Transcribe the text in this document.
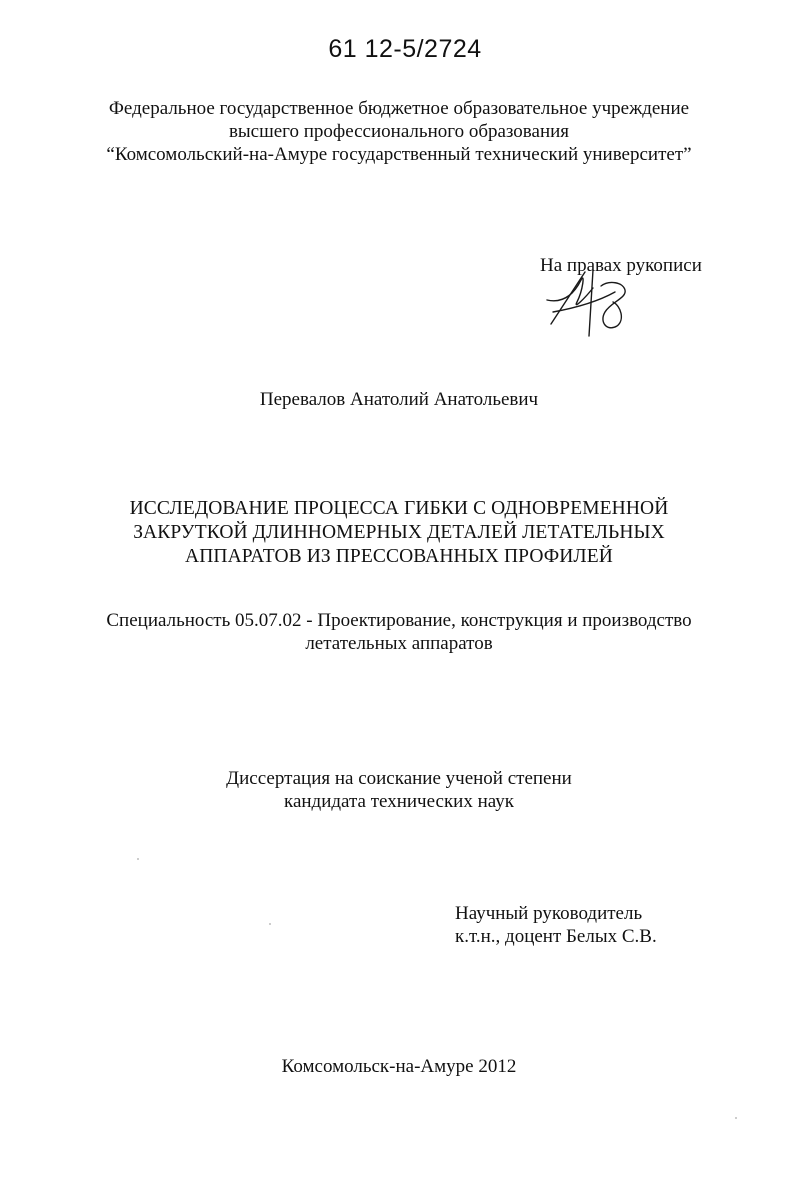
61 12-5/2724
Федеральное государственное бюджетное образовательное учреждение
высшего профессионального образования
“Комсомольский-на-Амуре государственный технический университет”
На правах рукописи
Перевалов Анатолий Анатольевич
ИССЛЕДОВАНИЕ ПРОЦЕССА ГИБКИ С ОДНОВРЕМЕННОЙ
ЗАКРУТКОЙ ДЛИННОМЕРНЫХ ДЕТАЛЕЙ ЛЕТАТЕЛЬНЫХ
АППАРАТОВ ИЗ ПРЕССОВАННЫХ ПРОФИЛЕЙ
Специальность 05.07.02 - Проектирование, конструкция и производство
летательных аппаратов
Диссертация на соискание ученой степени
кандидата технических наук
Научный руководитель
к.т.н., доцент Белых С.В.
Комсомольск-на-Амуре 2012
